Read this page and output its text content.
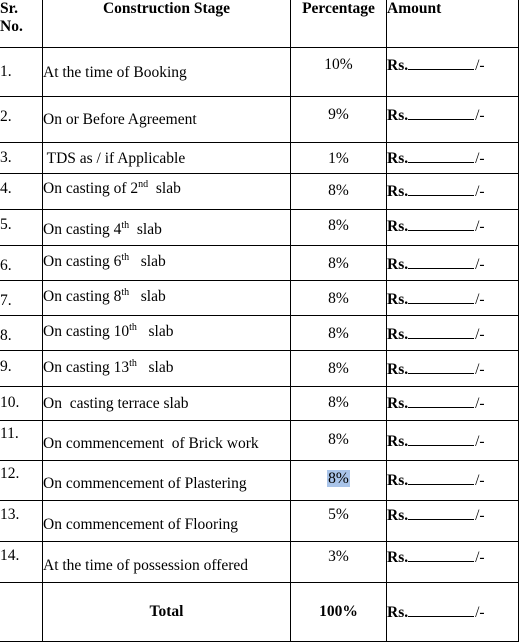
Sr.
No.	Construction Stage	Percentage	Amount
1.	At the time of Booking	10%	Rs. /-
2.	On or Before Agreement	9%	Rs. /-
3.	TDS as / if Applicable	1%	Rs. /-
4.	On casting of 2nd  slab	8%	Rs. /-
5.	On casting 4th  slab	8%	Rs. /-
6.	On casting 6th   slab	8%	Rs. /-
7.	On casting 8th   slab	8%	Rs. /-
8.	On casting 10th   slab	8%	Rs. /-
9.	On casting 13th   slab	8%	Rs. /-
10.	On  casting terrace slab	8%	Rs. /-
11.	On commencement  of Brick work	8%	Rs. /-
12.	On commencement of Plastering	8%	Rs. /-
13.	On commencement of Flooring	5%	Rs. /-
14.	At the time of possession offered	3%	Rs. /-
	Total	100%	Rs. /-
